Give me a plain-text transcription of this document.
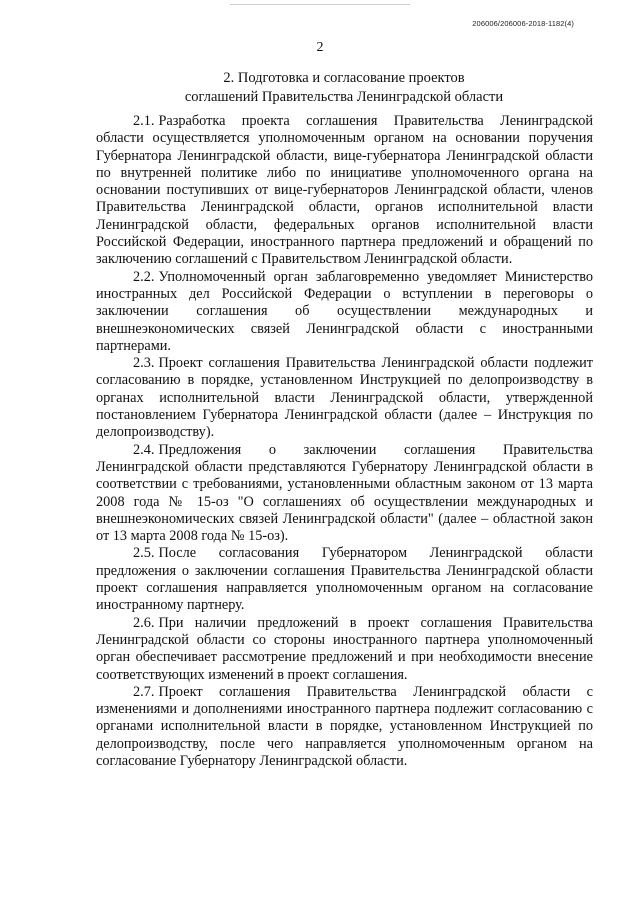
206006/206006-2018-1182(4)
2
2. Подготовка и согласование проектов
соглашений Правительства Ленинградской области

2.1. Разработка проекта соглашения Правительства Ленинградской области осуществляется уполномоченным органом на основании поручения Губернатора Ленинградской области, вице-губернатора Ленинградской области по внутренней политике либо по инициативе уполномоченного органа на основании поступивших от вице-губернаторов Ленинградской области, членов Правительства Ленинградской области, органов исполнительной власти Ленинградской области, федеральных органов исполнительной власти Российской Федерации, иностранного партнера предложений и обращений по заключению соглашений с Правительством Ленинградской области.

2.2. Уполномоченный орган заблаговременно уведомляет Министерство иностранных дел Российской Федерации о вступлении в переговоры о заключении соглашения об осуществлении международных и внешнеэкономических связей Ленинградской области с иностранными партнерами.

2.3. Проект соглашения Правительства Ленинградской области подлежит согласованию в порядке, установленном Инструкцией по делопроизводству в органах исполнительной власти Ленинградской области, утвержденной постановлением Губернатора Ленинградской области (далее – Инструкция по делопроизводству).

2.4. Предложения о заключении соглашения Правительства Ленинградской области представляются Губернатору Ленинградской области в соответствии с требованиями, установленными областным законом от 13 марта 2008 года № 15-оз "О соглашениях об осуществлении международных и внешнеэкономических связей Ленинградской области" (далее – областной закон от 13 марта 2008 года № 15-оз).

2.5. После согласования Губернатором Ленинградской области предложения о заключении соглашения Правительства Ленинградской области проект соглашения направляется уполномоченным органом на согласование иностранному партнеру.

2.6. При наличии предложений в проект соглашения Правительства Ленинградской области со стороны иностранного партнера уполномоченный орган обеспечивает рассмотрение предложений и при необходимости внесение соответствующих изменений в проект соглашения.

2.7. Проект соглашения Правительства Ленинградской области с изменениями и дополнениями иностранного партнера подлежит согласованию с органами исполнительной власти в порядке, установленном Инструкцией по делопроизводству, после чего направляется уполномоченным органом на согласование Губернатору Ленинградской области.
